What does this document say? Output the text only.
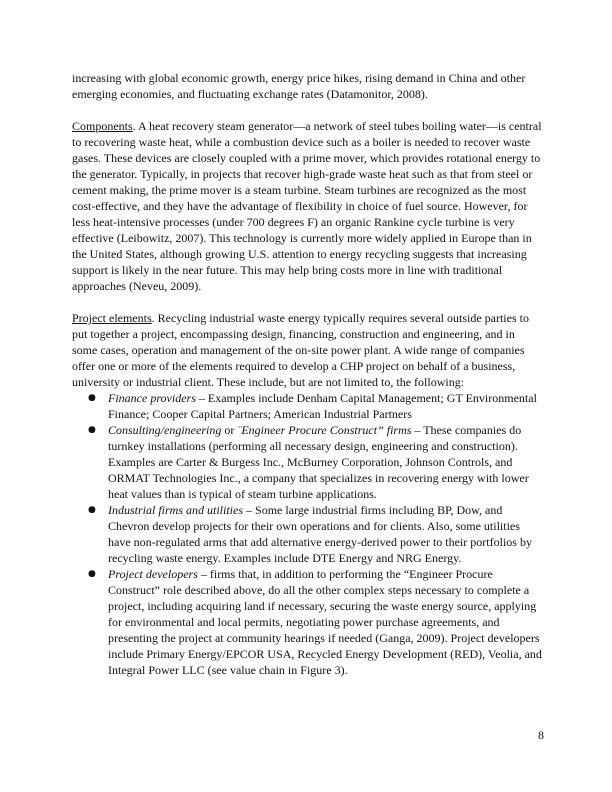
increasing with global economic growth, energy price hikes, rising demand in China and other emerging economies, and fluctuating exchange rates (Datamonitor, 2008).

Components. A heat recovery steam generator—a network of steel tubes boiling water—is central to recovering waste heat, while a combustion device such as a boiler is needed to recover waste gases. These devices are closely coupled with a prime mover, which provides rotational energy to the generator. Typically, in projects that recover high-grade waste heat such as that from steel or cement making, the prime mover is a steam turbine. Steam turbines are recognized as the most cost-effective, and they have the advantage of flexibility in choice of fuel source. However, for less heat-intensive processes (under 700 degrees F) an organic Rankine cycle turbine is very effective (Leibowitz, 2007). This technology is currently more widely applied in Europe than in the United States, although growing U.S. attention to energy recycling suggests that increasing support is likely in the near future. This may help bring costs more in line with traditional approaches (Neveu, 2009).

Project elements. Recycling industrial waste energy typically requires several outside parties to put together a project, encompassing design, financing, construction and engineering, and in some cases, operation and management of the on-site power plant. A wide range of companies offer one or more of the elements required to develop a CHP project on behalf of a business, university or industrial client. These include, but are not limited to, the following:

● Finance providers – Examples include Denham Capital Management; GT Environmental Finance; Cooper Capital Partners; American Industrial Partners
● Consulting/engineering or ¨Engineer Procure Construct” firms – These companies do turnkey installations (performing all necessary design, engineering and construction). Examples are Carter & Burgess Inc., McBurney Corporation, Johnson Controls, and ORMAT Technologies Inc., a company that specializes in recovering energy with lower heat values than is typical of steam turbine applications.
● Industrial firms and utilities – Some large industrial firms including BP, Dow, and Chevron develop projects for their own operations and for clients. Also, some utilities have non-regulated arms that add alternative energy-derived power to their portfolios by recycling waste energy. Examples include DTE Energy and NRG Energy.
● Project developers – firms that, in addition to performing the “Engineer Procure Construct” role described above, do all the other complex steps necessary to complete a project, including acquiring land if necessary, securing the waste energy source, applying for environmental and local permits, negotiating power purchase agreements, and presenting the project at community hearings if needed (Ganga, 2009). Project developers include Primary Energy/EPCOR USA, Recycled Energy Development (RED), Veolia, and Integral Power LLC (see value chain in Figure 3).
8
